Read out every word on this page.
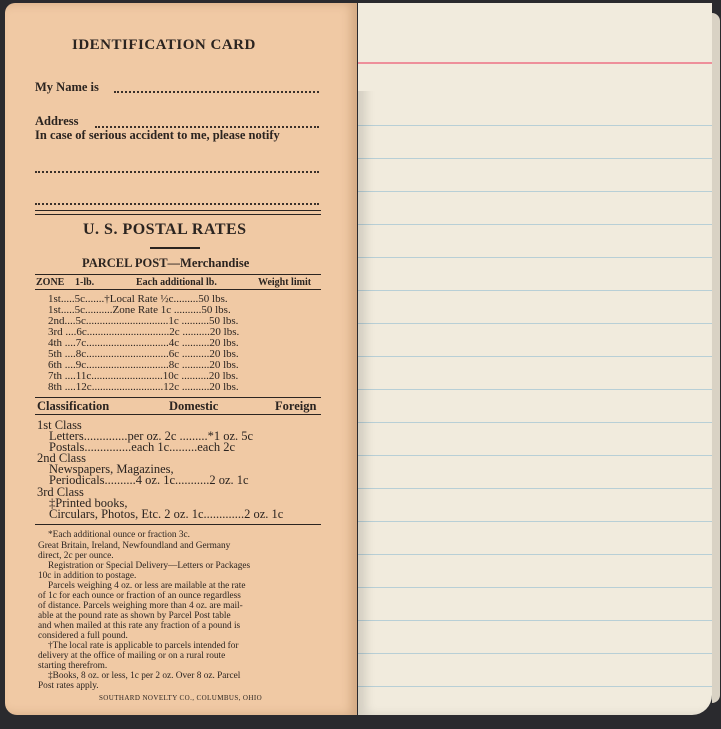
IDENTIFICATION CARD
My Name is
Address
In case of serious accident to me, please notify
U. S. POSTAL RATES
PARCEL POST—Merchandise
ZONE 1-lb.	Each additional lb.	Weight limit
1st.....5c.......†Local Rate ½c.........50 lbs.
1st.....5c..........Zone Rate 1c ..........50 lbs.
2nd....5c..............................1c ..........50 lbs.
3rd ....6c..............................2c ..........20 lbs.
4th ....7c..............................4c ..........20 lbs.
5th ....8c..............................6c ..........20 lbs.
6th ....9c..............................8c ..........20 lbs.
7th ....11c..........................10c ..........20 lbs.
8th ....12c..........................12c ..........20 lbs.
Classification	Domestic	Foreign
1st Class
Letters..............per oz. 2c .........*1 oz. 5c
Postals...............each 1c.........each 2c
2nd Class
Newspapers, Magazines,
Periodicals..........4 oz. 1c...........2 oz. 1c
3rd Class
‡Printed books,
Circulars, Photos, Etc. 2 oz. 1c.............2 oz. 1c
*Each additional ounce or fraction 3c.
Great Britain, Ireland, Newfoundland and Germany
direct, 2c per ounce.
Registration or Special Delivery—Letters or Packages
10c in addition to postage.
Parcels weighing 4 oz. or less are mailable at the rate
of 1c for each ounce or fraction of an ounce regardless
of distance. Parcels weighing more than 4 oz. are mail-
able at the pound rate as shown by Parcel Post table
and when mailed at this rate any fraction of a pound is
considered a full pound.
†The local rate is applicable to parcels intended for
delivery at the office of mailing or on a rural route
starting therefrom.
‡Books, 8 oz. or less, 1c per 2 oz. Over 8 oz. Parcel
Post rates apply.
SOUTHARD NOVELTY CO., COLUMBUS, OHIO
